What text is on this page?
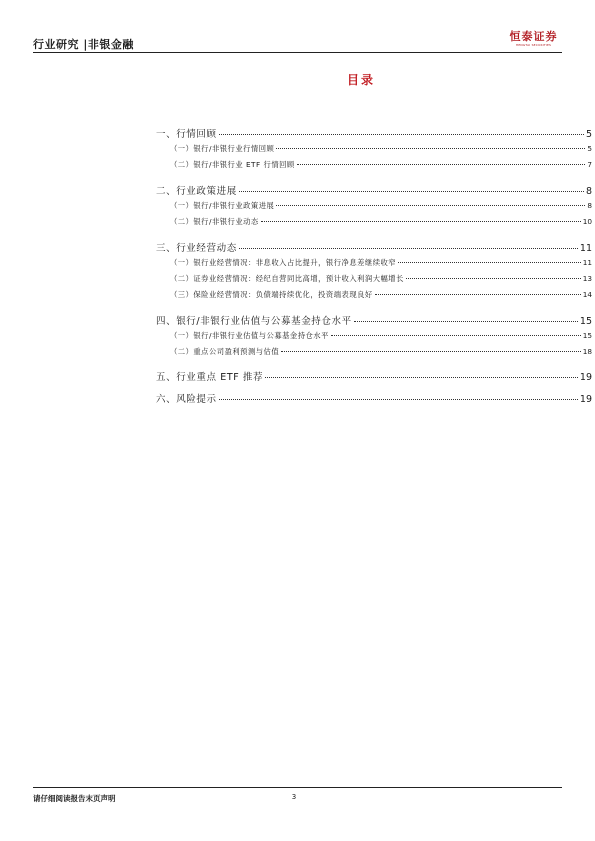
行业研究 |非银金融
恒泰证券
HENGTAI SECURITIES
目录
一、行情回顾	5
（一）银行/非银行业行情回顾	5
（二）银行/非银行业 ETF 行情回顾	7
二、行业政策进展	8
（一）银行/非银行业政策进展	8
（二）银行/非银行业动态	10
三、行业经营动态	11
（一）银行业经营情况：非息收入占比提升，银行净息差继续收窄	11
（二）证券业经营情况：经纪自营同比高增，预计收入利润大幅增长	13
（三）保险业经营情况：负债端持续优化，投资端表现良好	14
四、银行/非银行业估值与公募基金持仓水平	15
（一）银行/非银行业估值与公募基金持仓水平	15
（二）重点公司盈利预测与估值	18
五、行业重点 ETF 推荐	19
六、风险提示	19
请仔细阅读报告末页声明	3
